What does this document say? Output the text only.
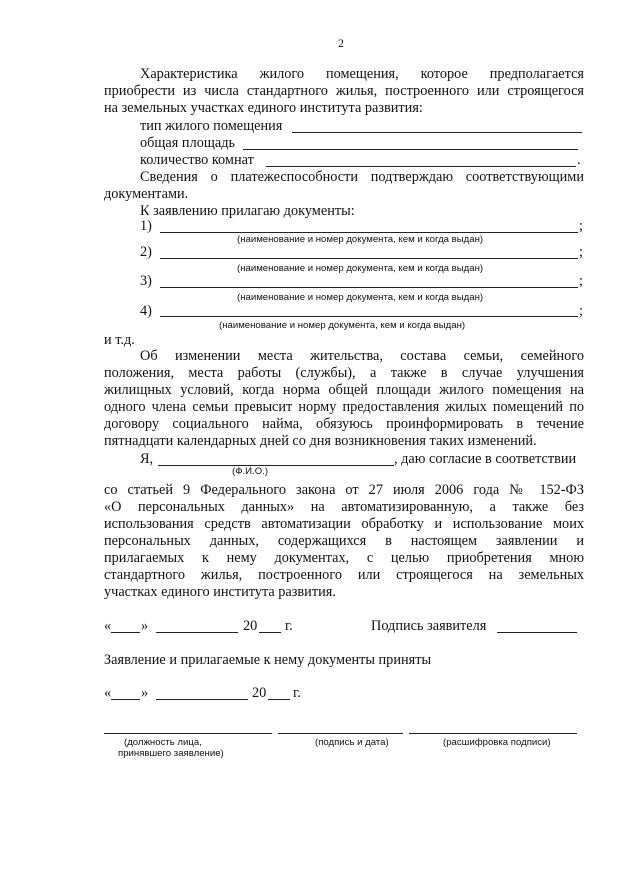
2
Характеристика жилого помещения, которое предполагается
приобрести из числа стандартного жилья, построенного или строящегося
на земельных участках единого института развития:
тип жилого помещения
общая площадь
количество комнат	.
Сведения о платежеспособности подтверждаю соответствующими
документами.
К заявлению прилагаю документы:
1)	;
(наименование и номер документа, кем и когда выдан)
2)	;
(наименование и номер документа, кем и когда выдан)
3)	;
(наименование и номер документа, кем и когда выдан)
4)	;
(наименование и номер документа, кем и когда выдан)
и т.д.
Об изменении места жительства, состава семьи, семейного
положения, места работы (службы), а также в случае улучшения
жилищных условий, когда норма общей площади жилого помещения на
одного члена семьи превысит норму предоставления жилых помещений по
договору социального найма, обязуюсь проинформировать в течение
пятнадцати календарных дней со дня возникновения таких изменений.
Я,	, даю согласие в соответствии
(Ф.И.О.)
со статьей 9 Федерального закона от 27 июля 2006 года № 152-ФЗ
«О персональных данных» на автоматизированную, а также без
использования средств автоматизации обработку и использование моих
персональных данных, содержащихся в настоящем заявлении и
прилагаемых к нему документах, с целью приобретения мною
стандартного жилья, построенного или строящегося на земельных
участках единого института развития.
« »	20 г.	Подпись заявителя
Заявление и прилагаемые к нему документы приняты
« »	20 г.
(должность лица,
принявшего заявление)
(подпись и дата)	(расшифровка подписи)
